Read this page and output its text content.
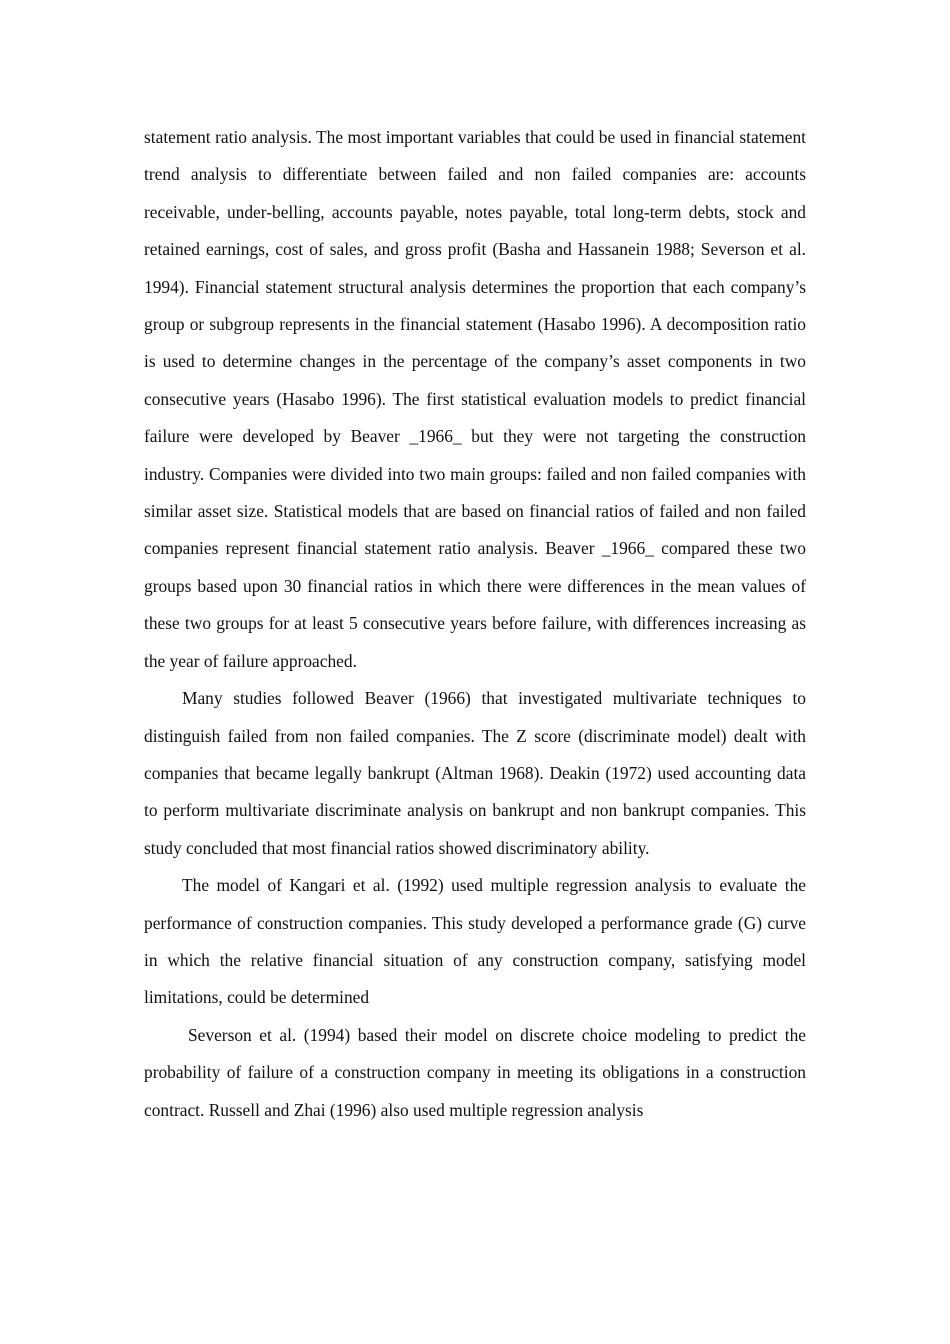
statement ratio analysis. The most important variables that could be used in financial statement trend analysis to differentiate between failed and non failed companies are: accounts receivable, under-belling, accounts payable, notes payable, total long-term debts, stock and retained earnings, cost of sales, and gross profit (Basha and Hassanein 1988; Severson et al. 1994). Financial statement structural analysis determines the proportion that each company’s group or subgroup represents in the financial statement (Hasabo 1996). A decomposition ratio is used to determine changes in the percentage of the company’s asset components in two consecutive years (Hasabo 1996). The first statistical evaluation models to predict financial failure were developed by Beaver _1966_ but they were not targeting the construction industry. Companies were divided into two main groups: failed and non failed companies with similar asset size. Statistical models that are based on financial ratios of failed and non failed companies represent financial statement ratio analysis. Beaver _1966_ compared these two groups based upon 30 financial ratios in which there were differences in the mean values of these two groups for at least 5 consecutive years before failure, with differences increasing as the year of failure approached.

Many studies followed Beaver (1966) that investigated multivariate techniques to distinguish failed from non failed companies. The Z score (discriminate model) dealt with companies that became legally bankrupt (Altman 1968). Deakin (1972) used accounting data to perform multivariate discriminate analysis on bankrupt and non bankrupt companies. This study concluded that most financial ratios showed discriminatory ability.

The model of Kangari et al. (1992) used multiple regression analysis to evaluate the performance of construction companies. This study developed a performance grade (G) curve in which the relative financial situation of any construction company, satisfying model limitations, could be determined

Severson et al. (1994) based their model on discrete choice modeling to predict the probability of failure of a construction company in meeting its obligations in a construction contract. Russell and Zhai (1996) also used multiple regression analysis
